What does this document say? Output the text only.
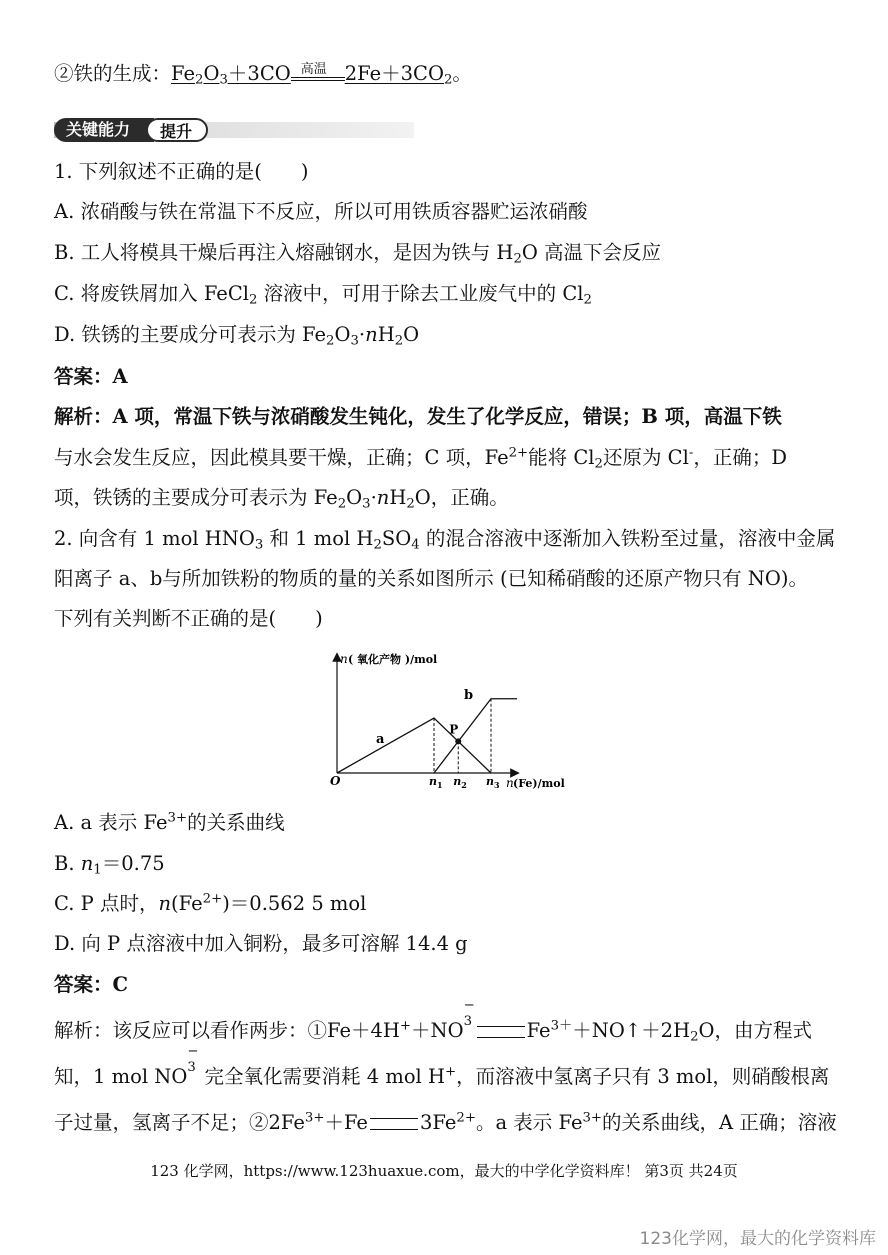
②铁的生成：$Fe_2O_3+3CO$ 高温 $2Fe+3CO_2$。
关键能力	提升
1. 下列叙述不正确的是(　　)
A. 浓硝酸与铁在常温下不反应，所以可用铁质容器贮运浓硝酸
B. 工人将模具干燥后再注入熔融钢水，是因为铁与 $H_2O$ 高温下会反应
C. 将废铁屑加入 FeCl$_2$ 溶液中，可用于除去工业废气中的 $Cl_2$
D. 铁锈的主要成分可表示为 $Fe_2O_3\cdot nH_2O$
答案：A
解析：A 项，常温下铁与浓硝酸发生钝化，发生了化学反应，错误；B 项，高温下铁
与水会发生反应，因此模具要干燥，正确；C 项，$Fe^{2+}$能将 $Cl_2$还原为 Cl-，正确；D
项，铁锈的主要成分可表示为 $Fe_2O_3\cdot nH_2O$，正确。
2. 向含有 1 mol $HNO_3$ 和 1 mol $H_2SO_4$ 的混合溶液中逐渐加入铁粉至过量，溶液中金属
阳离子 a、b与所加铁粉的物质的量的关系如图所示 (已知稀硝酸的还原产物只有 NO)。
下列有关判断不正确的是(　　)
n ( 氧化产物 )/mol
O	n (Fe)/mol
P
a
b
$n_1$ $n_2$ $n_3$
A. a 表示 $Fe^{3+}$的关系曲线
B. $n_1=0.75$
C. P 点时，$n(Fe^{2+})=0.562$ 5 mol
D. 向 P 点溶液中加入铜粉，最多可溶解 14.4 g
答案：C
解析：该反应可以看作两步：①Fe＋4H+＋NO 3
−
$Fe^{3+}+NO↑+2H_2O$，由方程式
知，1 mol NO 3
−
完全氧化需要消耗 4 mol H+，而溶液中氢离子只有 3 mol，则硝酸根离
子过量，氢离子不足；$②2Fe^{3+}+Fe$	$3Fe^{2+}$。a 表示 $Fe^{3+}$的关系曲线，A 正确；溶液
123 化学网，https://www.123huaxue.com，最大的中学化学资料库！ 第3页 共24页
123化学网，最大的化学资料库
